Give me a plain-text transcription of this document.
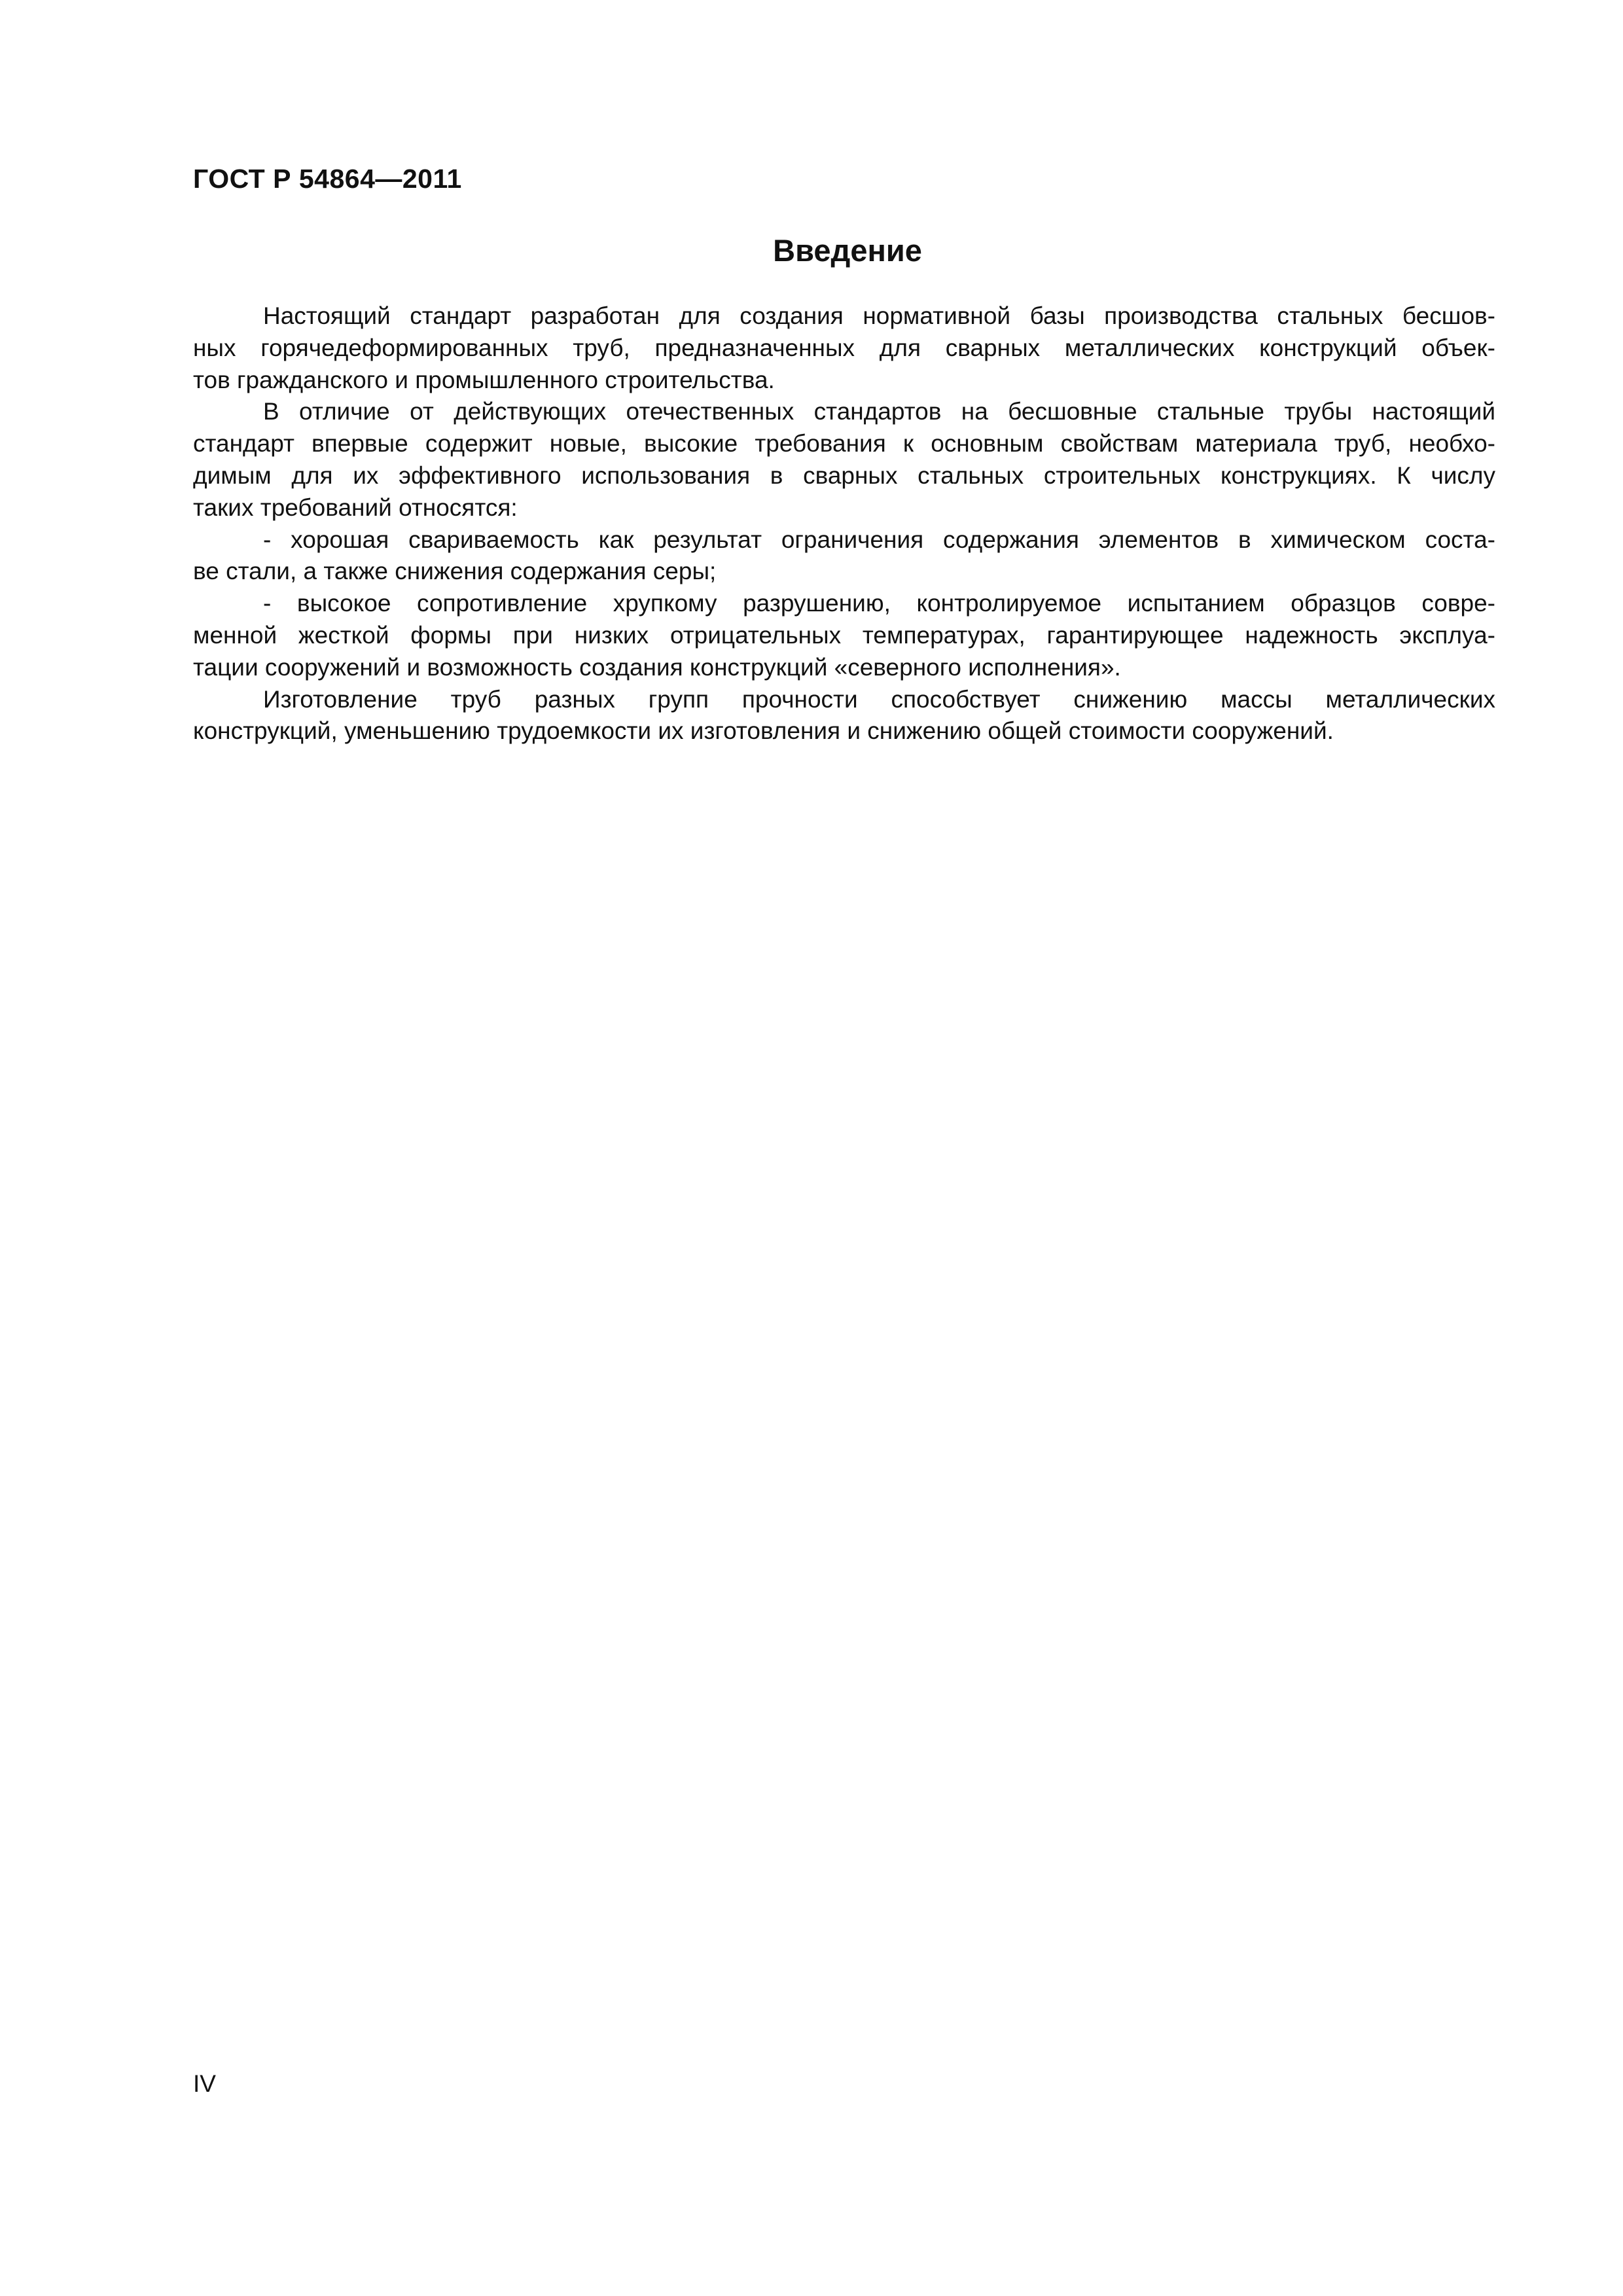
ГОСТ Р 54864—2011
Введение
Настоящий стандарт разработан для создания нормативной базы производства стальных бесшов-
ных горячедеформированных труб, предназначенных для сварных металлических конструкций объек-
тов гражданского и промышленного строительства.
В отличие от действующих отечественных стандартов на бесшовные стальные трубы настоящий
стандарт впервые содержит новые, высокие требования к основным свойствам материала труб, необхо-
димым для их эффективного использования в сварных стальных строительных конструкциях. К числу
таких требований относятся:
- хорошая свариваемость как результат ограничения содержания элементов в химическом соста-
ве стали, а также снижения содержания серы;
- высокое сопротивление хрупкому разрушению, контролируемое испытанием образцов совре-
менной жесткой формы при низких отрицательных температурах, гарантирующее надежность эксплуа-
тации сооружений и возможность создания конструкций «северного исполнения».
Изготовление труб разных групп прочности способствует снижению массы металлических
конструкций, уменьшению трудоемкости их изготовления и снижению общей стоимости сооружений.
IV
